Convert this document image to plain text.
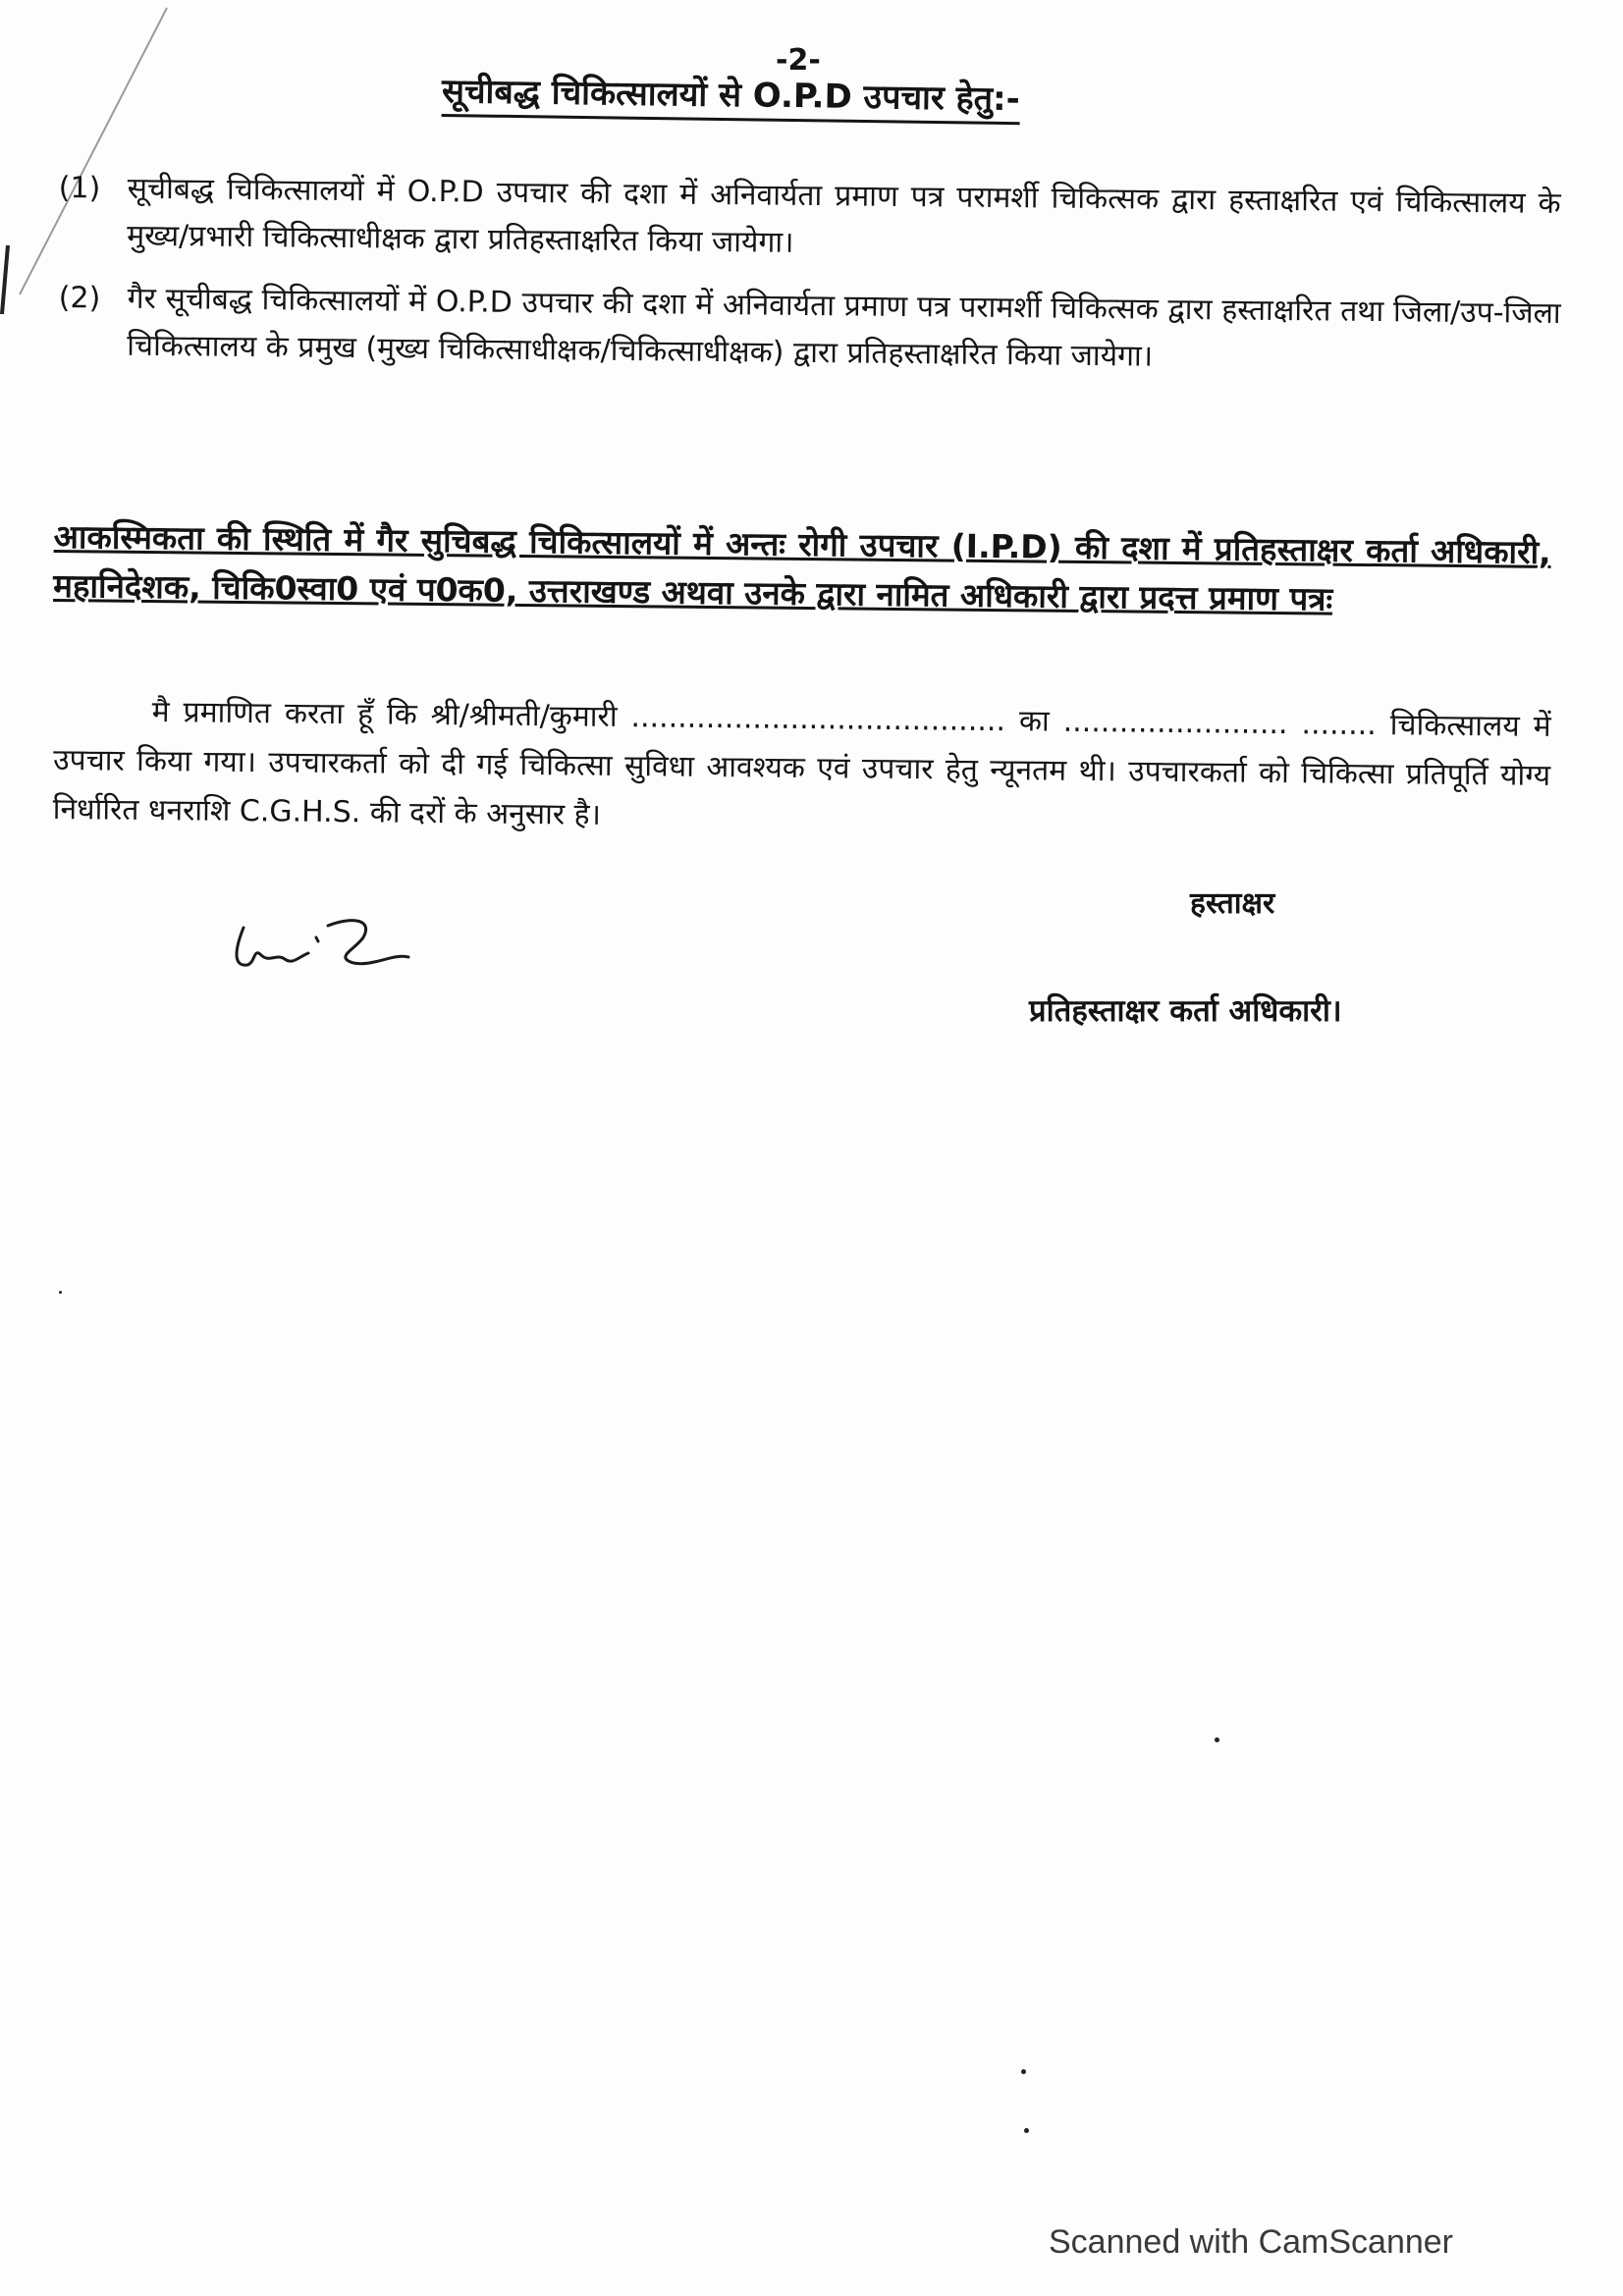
-2-
सूचीबद्ध चिकित्सालयों से O.P.D उपचार हेतु:-
(1) सूचीबद्ध चिकित्सालयों में O.P.D उपचार की दशा में अनिवार्यता प्रमाण पत्र परामर्शी चिकित्सक द्वारा हस्ताक्षरित एवं चिकित्सालय के मुख्य/प्रभारी चिकित्साधीक्षक द्वारा प्रतिहस्ताक्षरित किया जायेगा।
(2) गैर सूचीबद्ध चिकित्सालयों में O.P.D उपचार की दशा में अनिवार्यता प्रमाण पत्र परामर्शी चिकित्सक द्वारा हस्ताक्षरित तथा जिला/उप-जिला चिकित्सालय के प्रमुख (मुख्य चिकित्साधीक्षक/चिकित्साधीक्षक) द्वारा प्रतिहस्ताक्षरित किया जायेगा।
आकस्मिकता की स्थिति में गैर सुचिबद्ध चिकित्सालयों में अन्तः रोगी उपचार (I.P.D) की दशा में प्रतिहस्ताक्षर कर्ता अधिकारी, महानिदेशक, चिकि0स्वा0 एवं प0क0, उत्तराखण्ड अथवा उनके द्वारा नामित अधिकारी द्वारा प्रदत्त प्रमाण पत्रः
मै प्रमाणित करता हूँ कि श्री/श्रीमती/कुमारी ........................................ का ........................ ........ चिकित्सालय में उपचार किया गया। उपचारकर्ता को दी गई चिकित्सा सुविधा आवश्यक एवं उपचार हेतु न्यूनतम थी। उपचारकर्ता को चिकित्सा प्रतिपूर्ति योग्य निर्धारित धनराशि C.G.H.S. की दरों के अनुसार है।
हस्ताक्षर
प्रतिहस्ताक्षर कर्ता अधिकारी।
Scanned with CamScanner
